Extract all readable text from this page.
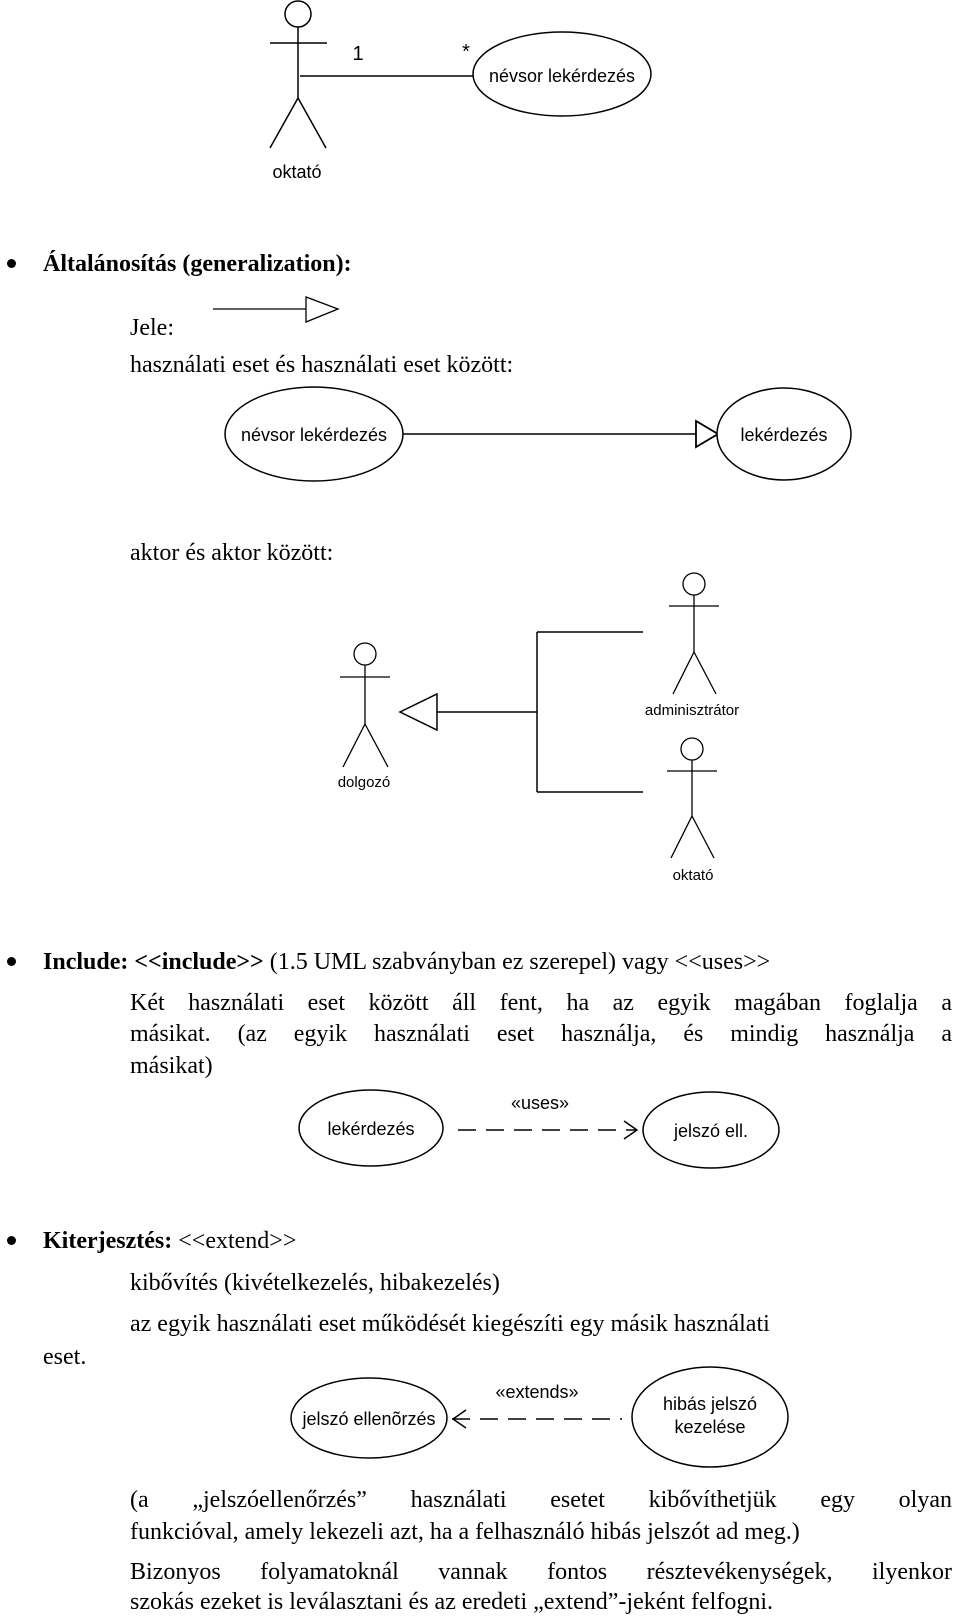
1	*
névsor lekérdezés
oktató
névsor lekérdezés	lekérdezés
dolgozó
adminisztrátor
oktató
lekérdezés
«uses»
jelszó ell.
jelszó ellenõrzés
«extends»
hibás jelszó
kezelése
Általánosítás (generalization):
Jele:
használati eset és használati eset között:
aktor és aktor között:
Include: <<include>> (1.5 UML szabványban ez szerepel) vagy <<uses>>
Két használati eset között áll fent, ha az egyik magában foglalja a
másikat. (az egyik használati eset használja, és mindig használja a
másikat)
Kiterjesztés: <<extend>>
kibővítés (kivételkezelés, hibakezelés)
az egyik használati eset működését kiegészíti egy másik használati
eset.
(a „jelszóellenőrzés” használati esetet kibővíthetjük egy olyan
funkcióval, amely lekezeli azt, ha a felhasználó hibás jelszót ad meg.)
Bizonyos folyamatoknál vannak fontos résztevékenységek, ilyenkor
szokás ezeket is leválasztani és az eredeti „extend”-jeként felfogni.
